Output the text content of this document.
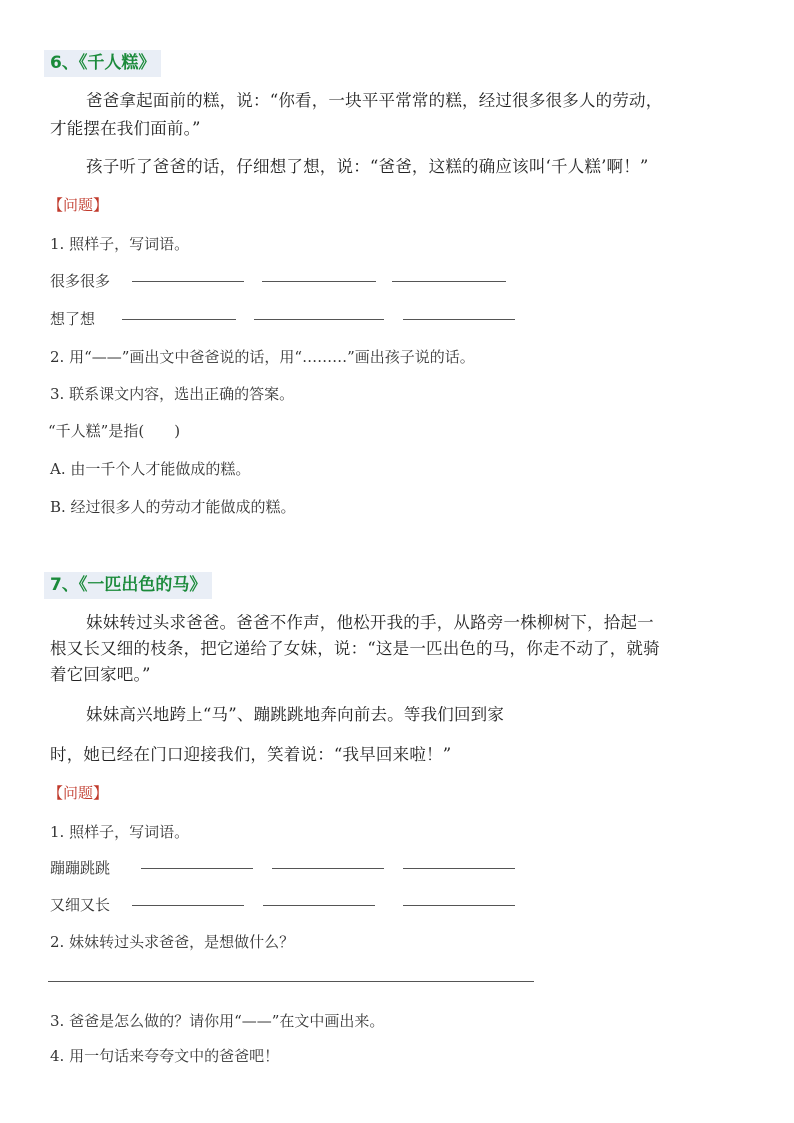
6、《千人糕》
爸爸拿起面前的糕，说：“你看，一块平平常常的糕，经过很多很多人的劳动，
才能摆在我们面前。”
孩子听了爸爸的话，仔细想了想，说：“爸爸，这糕的确应该叫‘千人糕’啊！”
【问题】
1. 照样子，写词语。
很多很多
想了想
2. 用“——”画出文中爸爸说的话，用“………”画出孩子说的话。
3. 联系课文内容，选出正确的答案。
“千人糕”是指(　　)
A. 由一千个人才能做成的糕。
B. 经过很多人的劳动才能做成的糕。
7、《一匹出色的马》
妹妹转过头求爸爸。爸爸不作声，他松开我的手，从路旁一株柳树下，拾起一
根又长又细的枝条，把它递给了女妹，说：“这是一匹出色的马，你走不动了，就骑
着它回家吧。”
妹妹高兴地跨上“马”、蹦跳跳地奔向前去。等我们回到家
时，她已经在门口迎接我们，笑着说：“我早回来啦！”
【问题】
1. 照样子，写词语。
蹦蹦跳跳
又细又长
2. 妹妹转过头求爸爸，是想做什么？
3. 爸爸是怎么做的？请你用“——”在文中画出来。
4. 用一句话来夸夸文中的爸爸吧！
